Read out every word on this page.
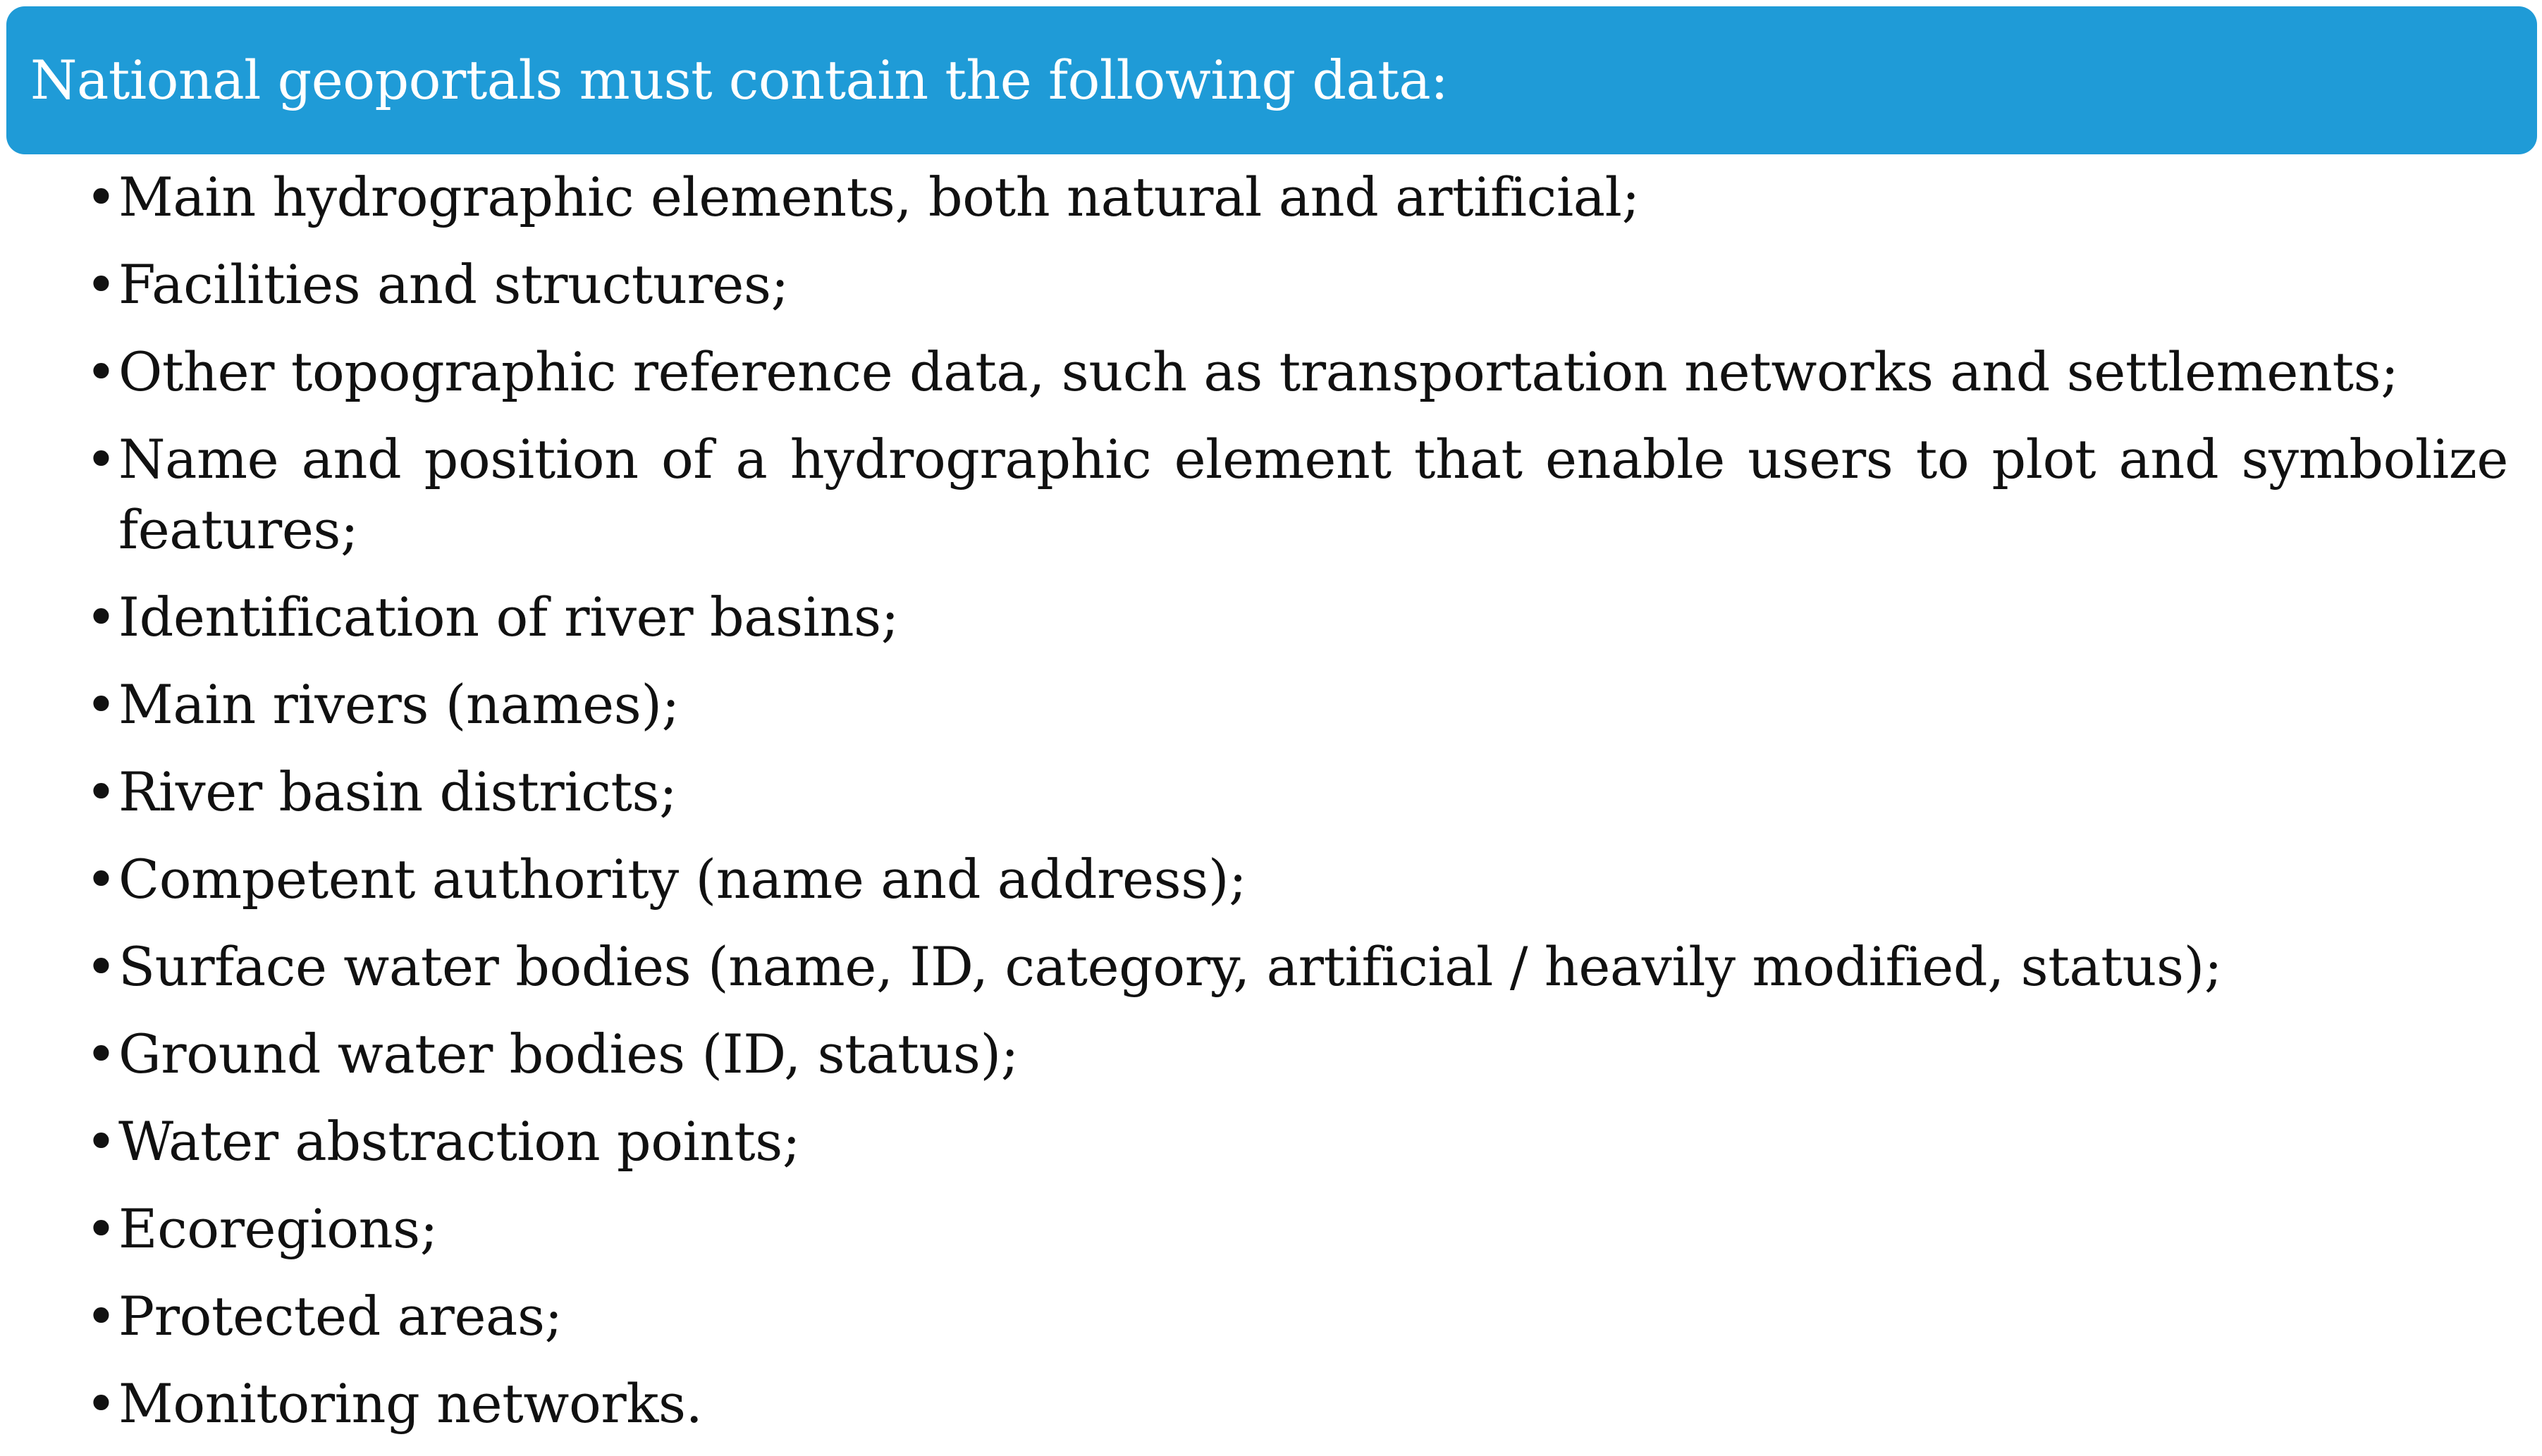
National geoportals must contain the following data:
• Main hydrographic elements, both natural and artificial;
• Facilities and structures;
• Other topographic reference data, such as transportation networks and settlements;
• Name and position of a hydrographic element that enable users to plot and symbolize features;
• Identification of river basins;
• Main rivers (names);
• River basin districts;
• Competent authority (name and address);
• Surface water bodies (name, ID, category, artificial / heavily modified, status);
• Ground water bodies (ID, status);
• Water abstraction points;
• Ecoregions;
• Protected areas;
• Monitoring networks.
